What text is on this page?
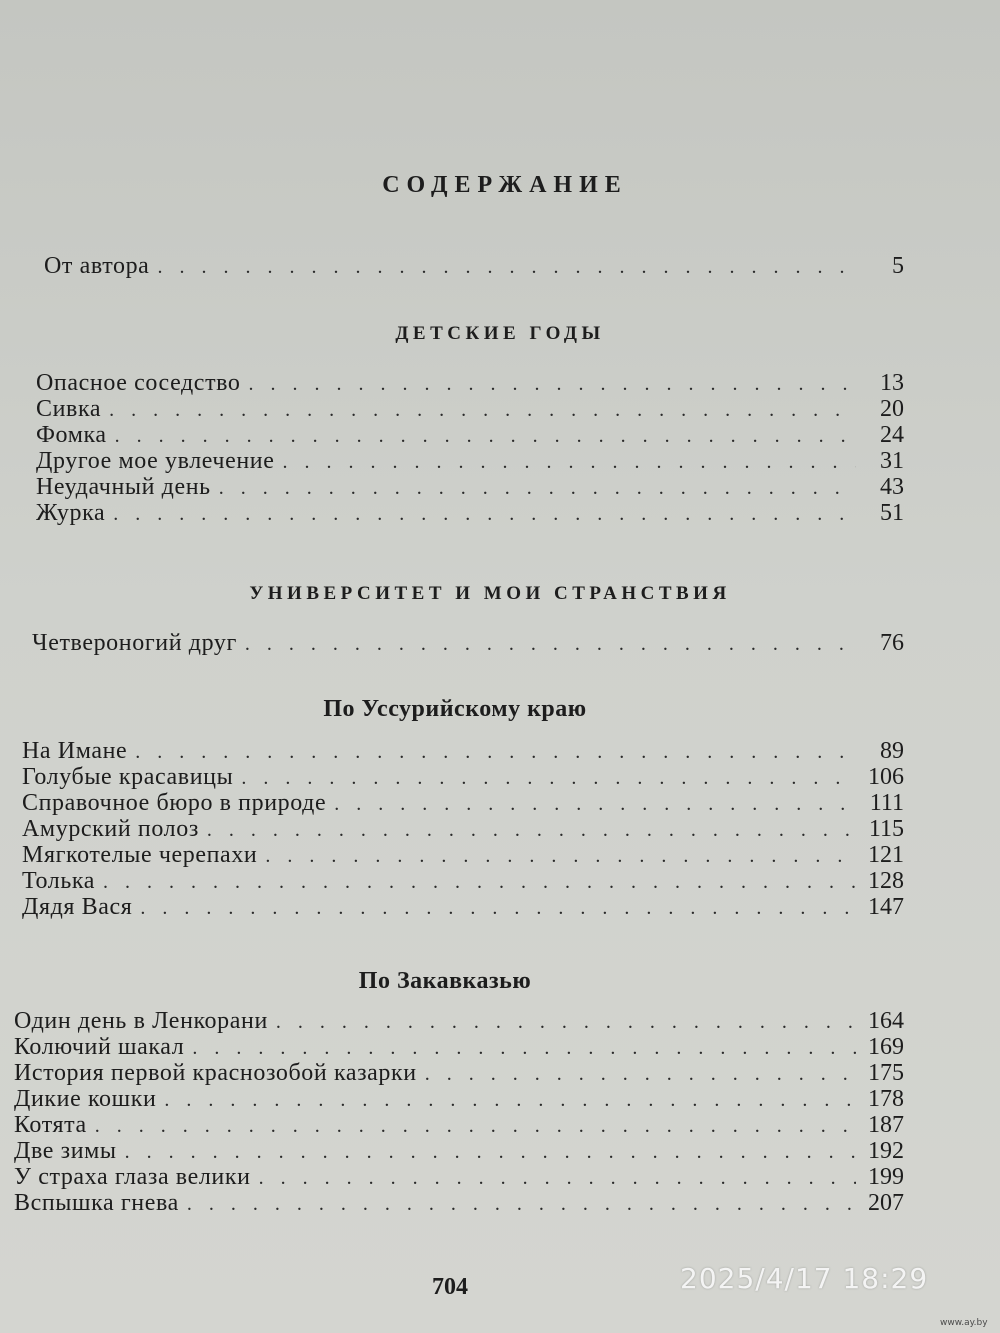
СОДЕРЖАНИЕ
От автора . . .	5
ДЕТСКИЕ ГОДЫ
Опасное соседство . . .	13
Сивка . . .	20
Фомка . . .	24
Другое мое увлечение . . .	31
Неудачный день . . .	43
Журка . . .	51
УНИВЕРСИТЕТ И МОИ СТРАНСТВИЯ
Четвероногий друг . . .	76
По Уссурийскому краю
На Имане . . .	89
Голубые красавицы . . .	106
Справочное бюро в природе . . .	111
Амурский полоз . . .	115
Мягкотелые черепахи . . .	121
Толька . . .	128
Дядя Вася . . .	147
По Закавказью
Один день в Ленкорани . . .	164
Колючий шакал . . .	169
История первой краснозобой казарки . . .	175
Дикие кошки . . .	178
Котята . . .	187
Две зимы . . .	192
У страха глаза велики . . .	199
Вспышка гнева . . .	207
704	2025/4/17 18:29
www.ay.by
